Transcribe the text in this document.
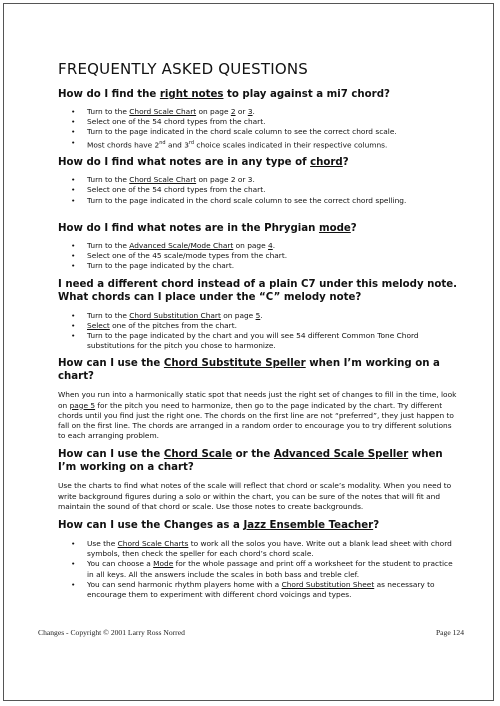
FREQUENTLY ASKED QUESTIONS
How do I find the right notes to play against a mi7 chord?
• Turn to the Chord Scale Chart on page 2 or 3.
• Select one of the 54 chord types from the chart.
• Turn to the page indicated in the chord scale column to see the correct chord scale.
• Most chords have 2nd and 3rd choice scales indicated in their respective columns.
How do I find what notes are in any type of chord?
• Turn to the Chord Scale Chart on page 2 or 3.
• Select one of the 54 chord types from the chart.
• Turn to the page indicated in the chord scale column to see the correct chord spelling.
How do I find what notes are in the Phrygian mode?
• Turn to the Advanced Scale/Mode Chart on page 4.
• Select one of the 45 scale/mode types from the chart.
• Turn to the page indicated by the chart.
I need a different chord instead of a plain C7 under this melody note.
What chords can I place under the “C” melody note?
• Turn to the Chord Substitution Chart on page 5.
• Select one of the pitches from the chart.
• Turn to the page indicated by the chart and you will see 54 different Common Tone Chord substitutions for the pitch you chose to harmonize.
How can I use the Chord Substitute Speller when I’m working on a chart?

When you run into a harmonically static spot that needs just the right set of changes to fill in the time, look on page 5 for the pitch you need to harmonize, then go to the page indicated by the chart. Try different chords until you find just the right one. The chords on the first line are not “preferred”, they just happen to fall on the first line. The chords are arranged in a random order to encourage you to try different solutions to each arranging problem.

How can I use the Chord Scale or the Advanced Scale Speller when I’m working on a chart?

Use the charts to find what notes of the scale will reflect that chord or scale’s modality. When you need to write background figures during a solo or within the chart, you can be sure of the notes that will fit and maintain the sound of that chord or scale. Use those notes to create backgrounds.

How can I use the Changes as a Jazz Ensemble Teacher?
• Use the Chord Scale Charts to work all the solos you have. Write out a blank lead sheet with chord symbols, then check the speller for each chord’s chord scale.
• You can choose a Mode for the whole passage and print off a worksheet for the student to practice in all keys. All the answers include the scales in both bass and treble clef.
• You can send harmonic rhythm players home with a Chord Substitution Sheet as necessary to encourage them to experiment with different chord voicings and types.
Changes - Copyright © 2001 Larry Ross Norred	Page 124
